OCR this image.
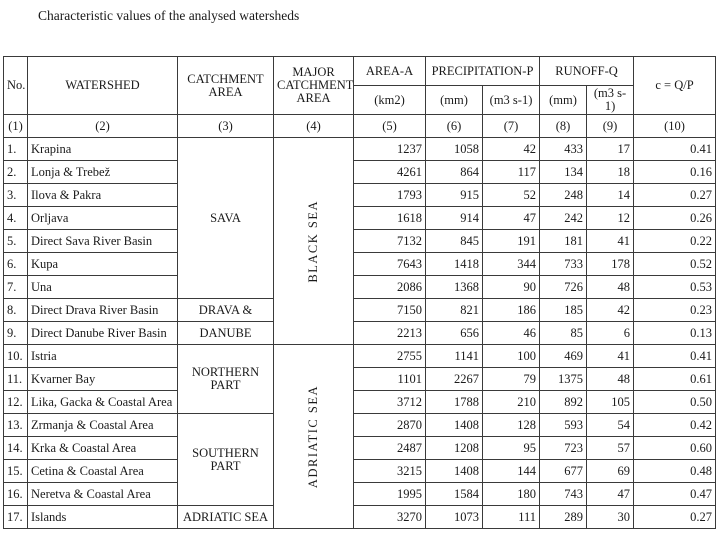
Characteristic values of the analysed watersheds
No.	WATERSHED	CATCHMENT AREA	MAJOR CATCHMENT AREA	AREA-A	PRECIPITATION-P		RUNOFF-Q		c = Q/P
				(km2)	(mm)	(m3 s-1)	(mm)	(m3 s-1)	
(1)	(2)	(3)	(4)	(5)	(6)	(7)	(8)	(9)	(10)
1.	Krapina	SAVA	BLACK SEA	1237	1058	42	433	17	0.41
2.	Lonja & Trebež			4261	864	117	134	18	0.16
3.	Ilova & Pakra			1793	915	52	248	14	0.27
4.	Orljava			1618	914	47	242	12	0.26
5.	Direct Sava River Basin			7132	845	191	181	41	0.22
6.	Kupa			7643	1418	344	733	178	0.52
7.	Una			2086	1368	90	726	48	0.53
8.	Direct Drava River Basin	DRAVA &		7150	821	186	185	42	0.23
9.	Direct Danube River Basin	DANUBE		2213	656	46	85	6	0.13
10.	Istria	NORTHERN PART	ADRIATIC SEA	2755	1141	100	469	41	0.41
11.	Kvarner Bay			1101	2267	79	1375	48	0.61
12.	Lika, Gacka & Coastal Area			3712	1788	210	892	105	0.50
13.	Zrmanja & Coastal Area	SOUTHERN PART		2870	1408	128	593	54	0.42
14.	Krka & Coastal Area			2487	1208	95	723	57	0.60
15.	Cetina & Coastal Area			3215	1408	144	677	69	0.48
16.	Neretva & Coastal Area			1995	1584	180	743	47	0.47
17.	Islands	ADRIATIC SEA		3270	1073	111	289	30	0.27
